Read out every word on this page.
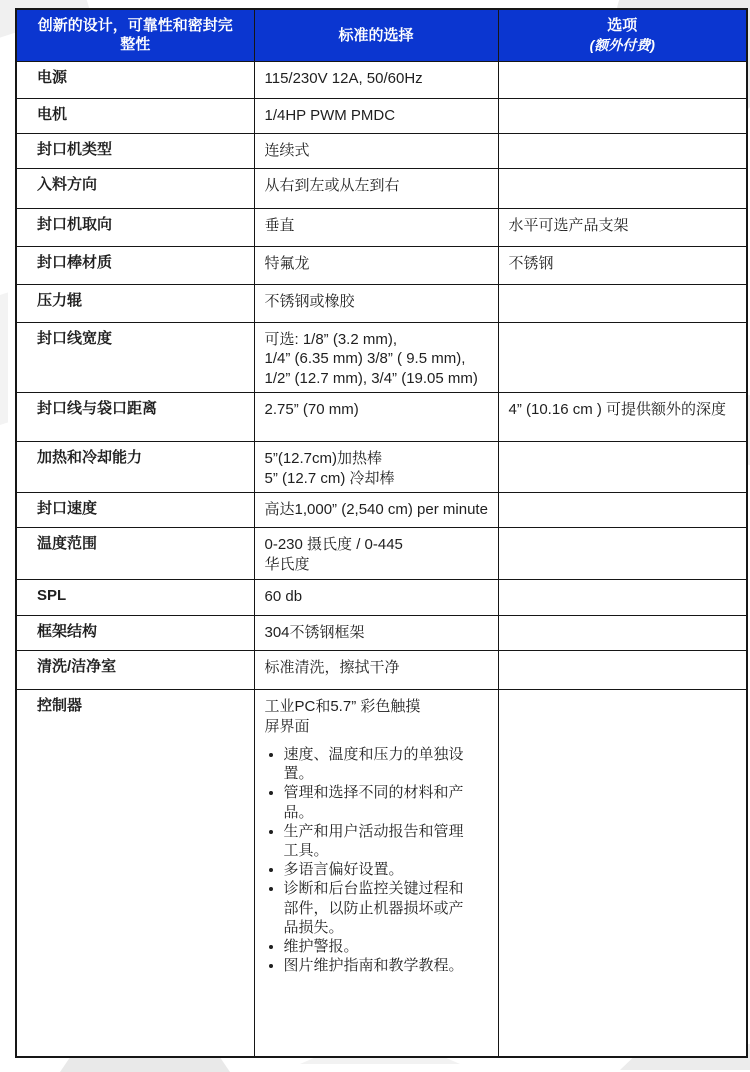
创新的设计，可靠性和密封完整性	标准的选择	选项
(额外付费)

电源	115/230V 12A, 50/60Hz	
电机	1/4HP PWM PMDC	
封口机类型	连续式	
入料方向	从右到左或从左到右	
封口机取向	垂直	水平可选产品支架
封口棒材质	特氟龙	不锈钢
压力辊	不锈钢或橡胶	
封口线宽度	可选: 1/8” (3.2 mm),
1/4” (6.35 mm) 3/8” ( 9.5 mm),
1/2” (12.7 mm), 3/4” (19.05 mm)	

封口线与袋口距离	2.75” (70 mm)	4” (10.16 cm ) 可提供额外的深度
加热和冷却能力	5”(12.7cm)加热棒
5” (12.7 cm) 冷却棒	

封口速度	高达1,000” (2,540 cm) per minute	
温度范围	0-230 摄氏度 / 0-445
华氏度	

SPL	60 db	
框架结构	304不锈钢框架	
清洗/洁净室	标准清洗，擦拭干净	
控制器	工业PC和5.7” 彩色触摸
屏界面
• 速度、温度和压力的单独设置。
• 管理和选择不同的材料和产品。
• 生产和用户活动报告和管理工具。
• 多语言偏好设置。
• 诊断和后台监控关键过程和部件，以防止机器损坏或产品损失。
• 维护警报。
• 图片维护指南和教学教程。
